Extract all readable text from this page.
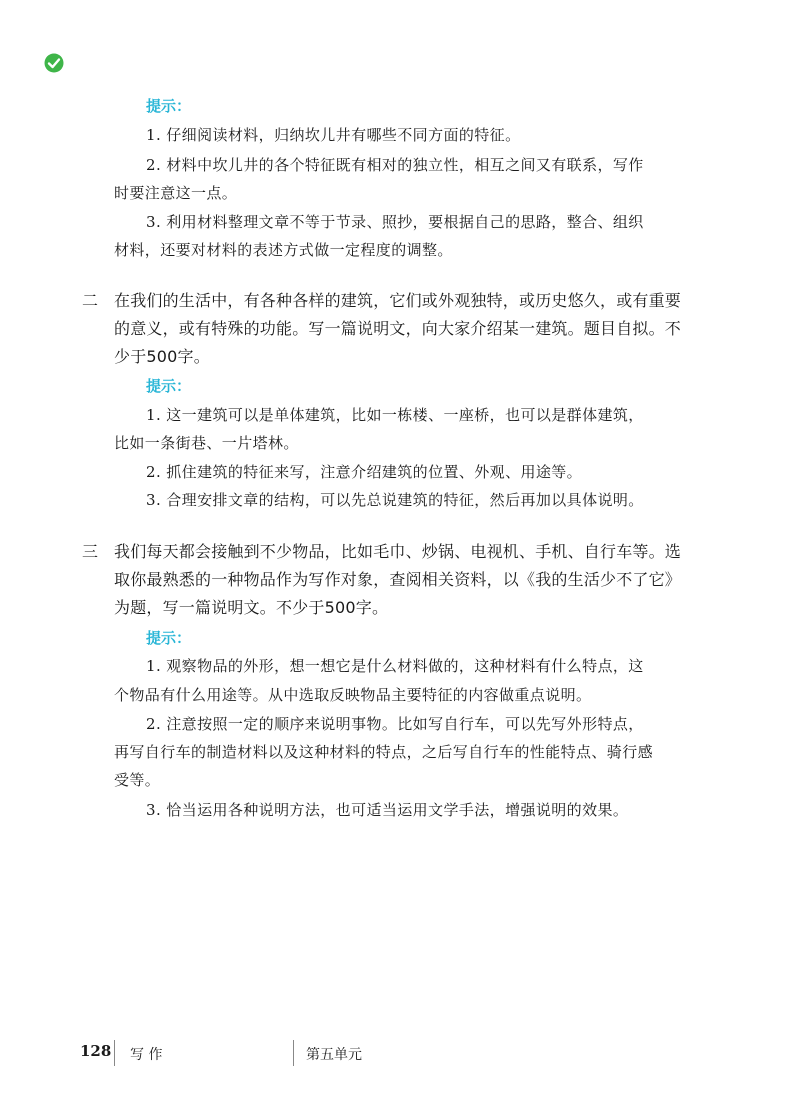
提示：
1. 仔细阅读材料，归纳坎儿井有哪些不同方面的特征。
2. 材料中坎儿井的各个特征既有相对的独立性，相互之间又有联系，写作
时要注意这一点。
3. 利用材料整理文章不等于节录、照抄，要根据自己的思路，整合、组织
材料，还要对材料的表述方式做一定程度的调整。
二 在我们的生活中，有各种各样的建筑，它们或外观独特，或历史悠久，或有重要
的意义，或有特殊的功能。写一篇说明文，向大家介绍某一建筑。题目自拟。不
少于500字。
提示：
1. 这一建筑可以是单体建筑，比如一栋楼、一座桥，也可以是群体建筑，
比如一条街巷、一片塔林。
2. 抓住建筑的特征来写，注意介绍建筑的位置、外观、用途等。
3. 合理安排文章的结构，可以先总说建筑的特征，然后再加以具体说明。
三 我们每天都会接触到不少物品，比如毛巾、炒锅、电视机、手机、自行车等。选
取你最熟悉的一种物品作为写作对象，查阅相关资料，以《我的生活少不了它》
为题，写一篇说明文。不少于500字。
提示：
1. 观察物品的外形，想一想它是什么材料做的，这种材料有什么特点，这
个物品有什么用途等。从中选取反映物品主要特征的内容做重点说明。
2. 注意按照一定的顺序来说明事物。比如写自行车，可以先写外形特点，
再写自行车的制造材料以及这种材料的特点，之后写自行车的性能特点、骑行感
受等。
3. 恰当运用各种说明方法，也可适当运用文学手法，增强说明的效果。
128 写 作	第五单元
